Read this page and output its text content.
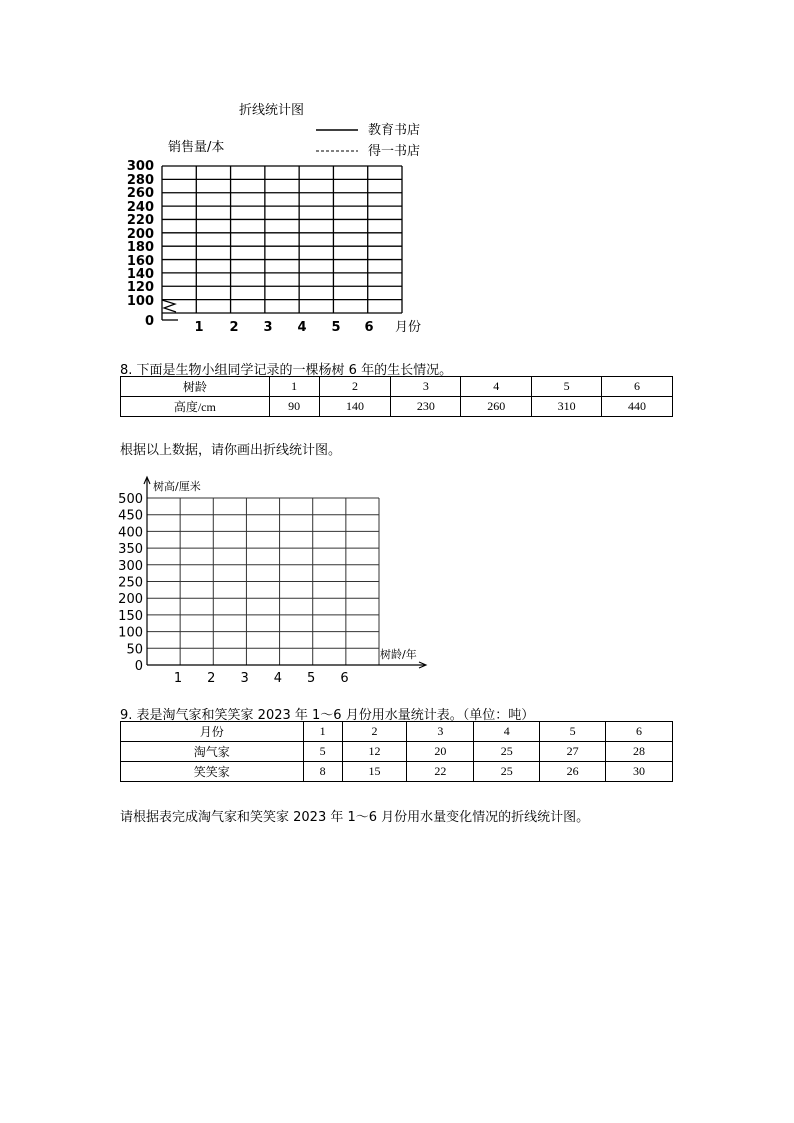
折线统计图
教育书店
得一书店
销售量/本
300
280
260
240
220
200
180
160
140
120
100
0	1 2 3 4 5 6 月份
8. 下面是生物小组同学记录的一棵杨树 6 年的生长情况。
树龄	1	2	3	4	5	6
高度/cm	90	140	230	260	310	440
根据以上数据，请你画出折线统计图。
树高/厘米
500
450
400
350
300
250
200
150
100
50
0
1 2 3 4 5 6
树龄/年
9. 表是淘气家和笑笑家 2023 年 1～6 月份用水量统计表。（单位：吨）
月份	1	2	3	4	5	6
淘气家	5	12	20	25	27	28
笑笑家	8	15	22	25	26	30
请根据表完成淘气家和笑笑家 2023 年 1～6 月份用水量变化情况的折线统计图。
